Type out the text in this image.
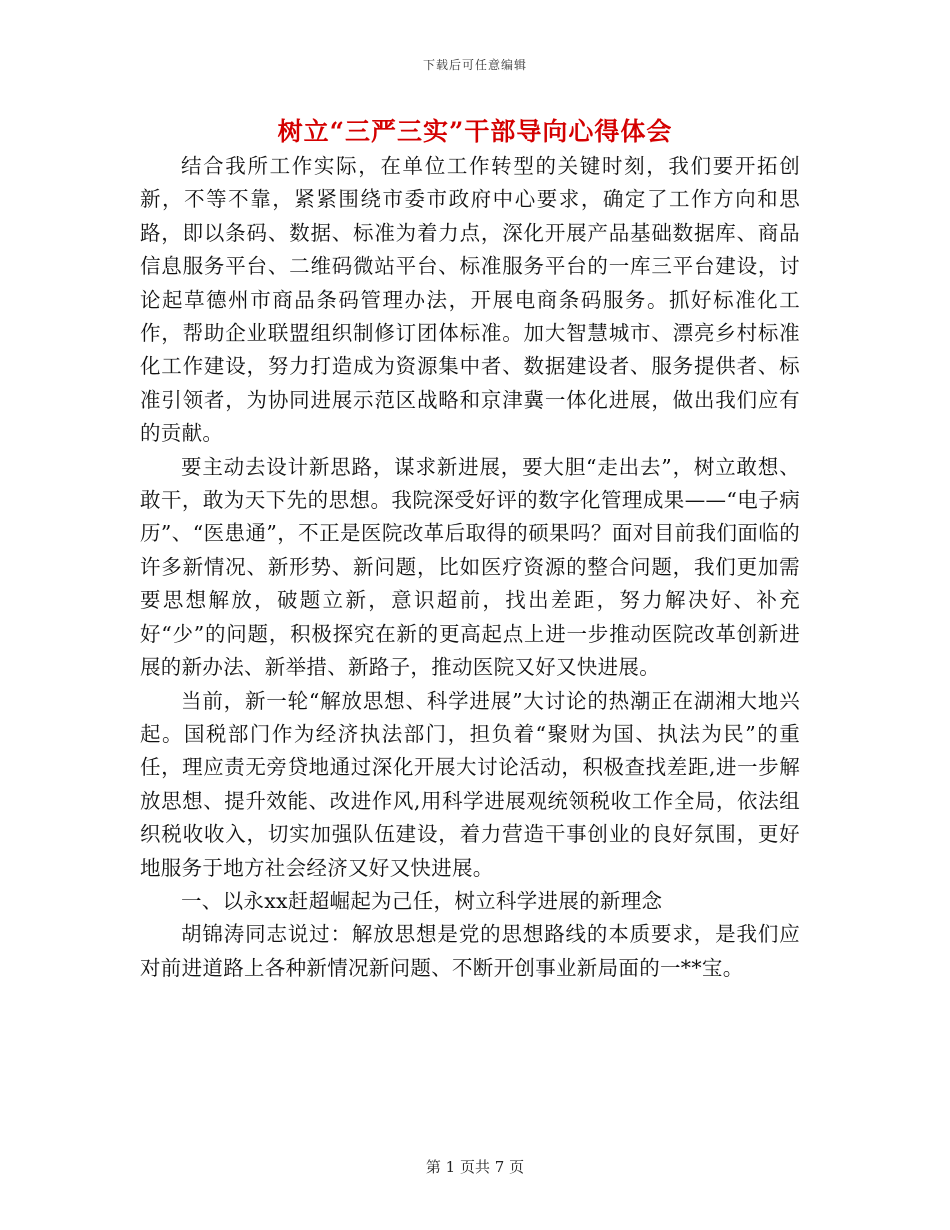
下载后可任意编辑
树立“三严三实”干部导向心得体会

结合我所工作实际，在单位工作转型的关键时刻，我们要开拓创新，不等不靠，紧紧围绕市委市政府中心要求，确定了工作方向和思路，即以条码、数据、标准为着力点，深化开展产品基础数据库、商品信息服务平台、二维码微站平台、标准服务平台的一库三平台建设，讨论起草德州市商品条码管理办法，开展电商条码服务。抓好标准化工作，帮助企业联盟组织制修订团体标准。加大智慧城市、漂亮乡村标准化工作建设，努力打造成为资源集中者、数据建设者、服务提供者、标准引领者，为协同进展示范区战略和京津冀一体化进展，做出我们应有的贡献。

要主动去设计新思路，谋求新进展，要大胆“走出去”，树立敢想、敢干，敢为天下先的思想。我院深受好评的数字化管理成果——“电子病历”、“医患通”，不正是医院改革后取得的硕果吗？面对目前我们面临的许多新情况、新形势、新问题，比如医疗资源的整合问题，我们更加需要思想解放，破题立新，意识超前，找出差距，努力解决好、补充好“少”的问题，积极探究在新的更高起点上进一步推动医院改革创新进展的新办法、新举措、新路子，推动医院又好又快进展。

当前，新一轮“解放思想、科学进展”大讨论的热潮正在湖湘大地兴起。国税部门作为经济执法部门，担负着“聚财为国、执法为民”的重任，理应责无旁贷地通过深化开展大讨论活动，积极查找差距,进一步解放思想、提升效能、改进作风,用科学进展观统领税收工作全局，依法组织税收收入，切实加强队伍建设，着力营造干事创业的良好氛围，更好地服务于地方社会经济又好又快进展。

一、以永xx赶超崛起为己任，树立科学进展的新理念

胡锦涛同志说过：解放思想是党的思想路线的本质要求，是我们应对前进道路上各种新情况新问题、不断开创事业新局面的一**宝。

第 1 页共 7 页
